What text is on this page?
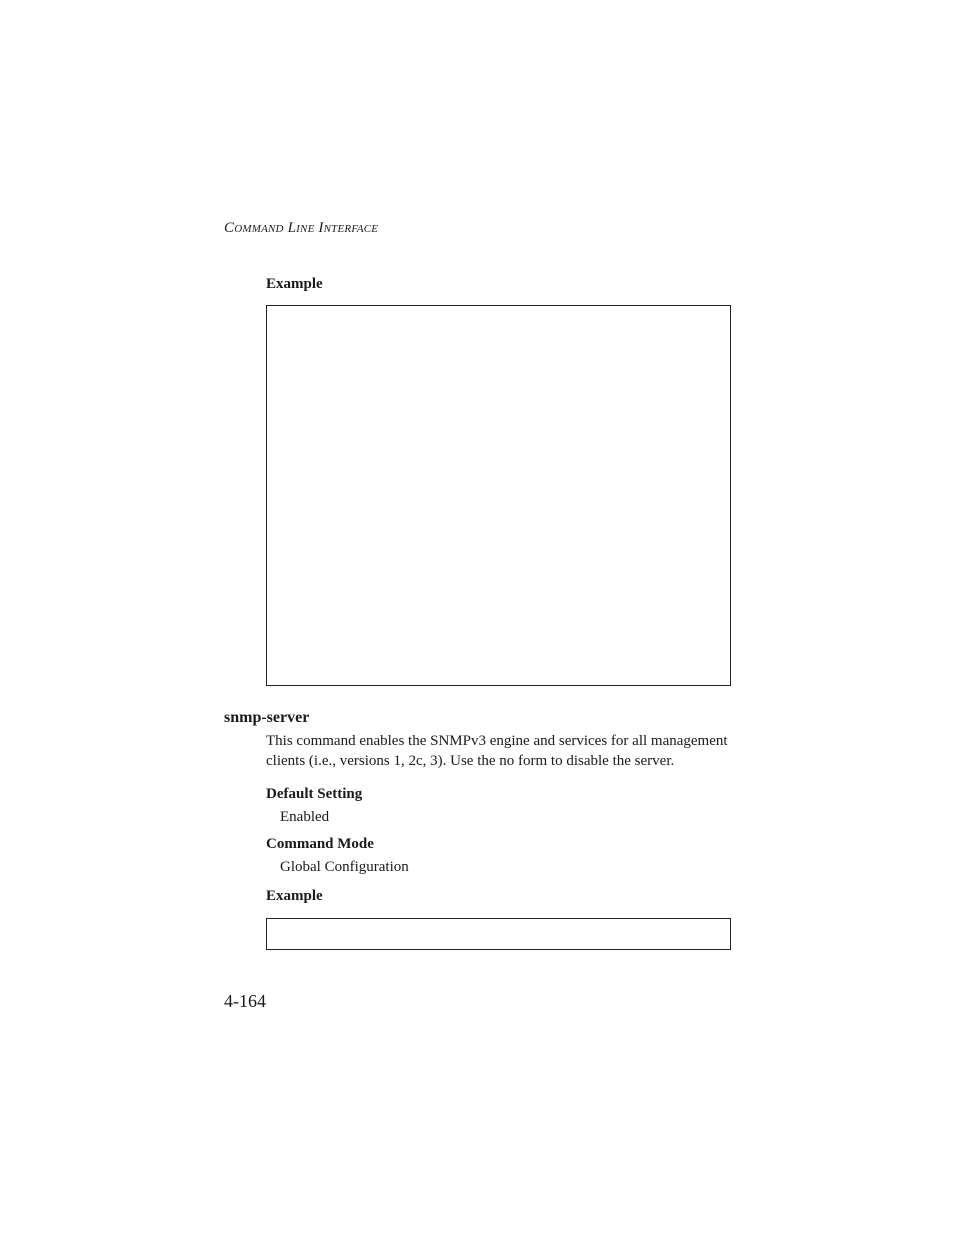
Command Line Interface
Example
snmp-server
This command enables the SNMPv3 engine and services for all management
clients (i.e., versions 1, 2c, 3). Use the no form to disable the server.
Default Setting
Enabled
Command Mode
Global Configuration
Example
4-164
